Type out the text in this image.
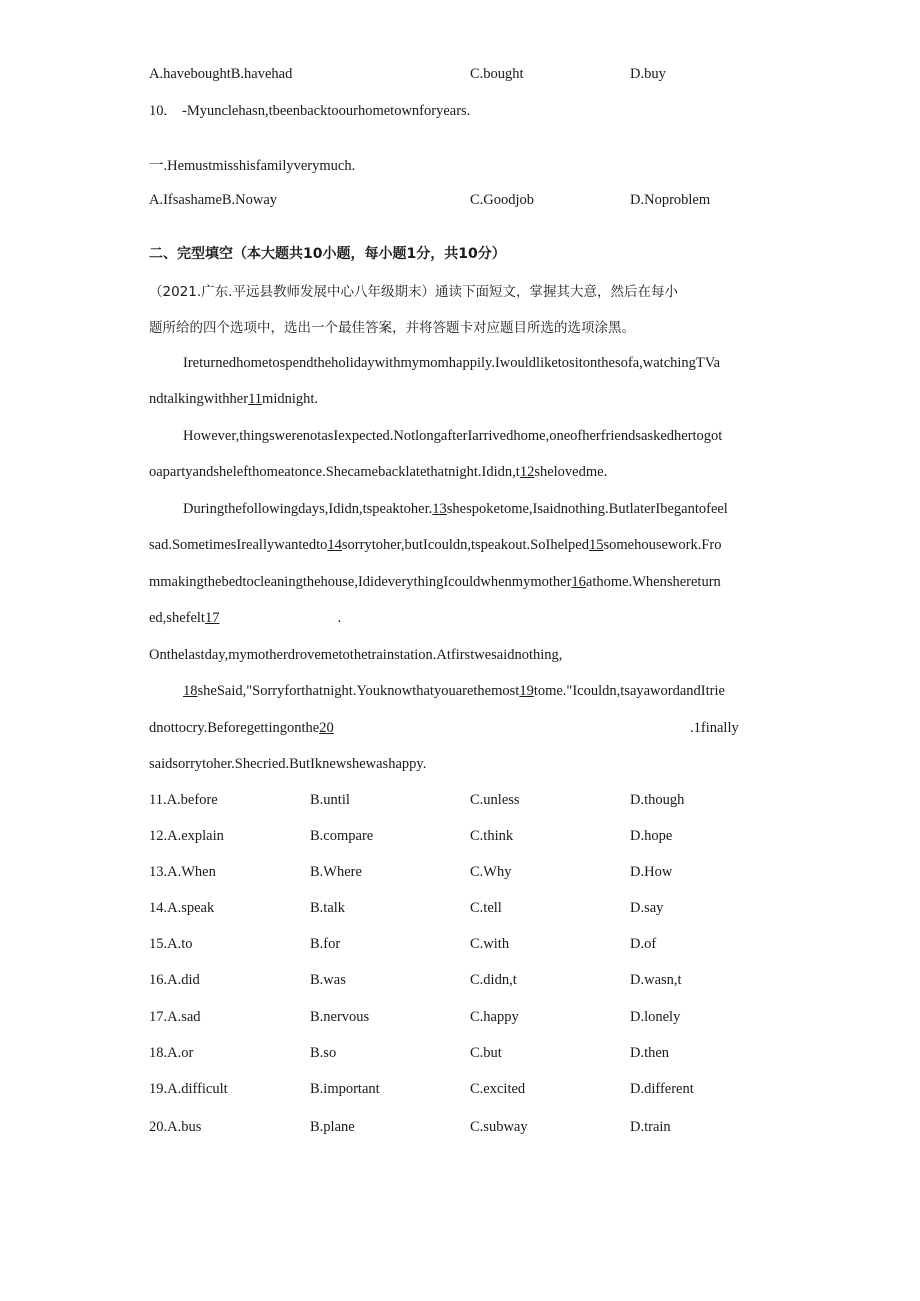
A.haveboughtB.havehad	C.bought	D.buy
10. -Myunclehasn,tbeenbacktoourhometownforyears.
一.Hemustmisshisfamilyverymuch.
A.IfsashameB.Noway	C.Goodjob	D.Noproblem
二、完型填空（本大题共10小题，每小题1分，共10分）
（2021.广东.平远县教师发展中心八年级期末）通读下面短文，掌握其大意，然后在每小
题所给的四个选项中，选出一个最佳答案，并将答题卡对应题目所选的选项涂黑。
Ireturnedhometospendtheholidaywithmymomhappily.Iwouldliketositonthesofa,watchingTVa
ndtalkingwithher11midnight.
However,thingswerenotasIexpected.NotlongafterIarrivedhome,oneofherfriendsaskedhertogot
oapartyandshelefthomeatonce.Shecamebacklatethatnight.Ididn,t12shelovedme.
Duringthefollowingdays,Ididn,tspeaktoher.13shespoketome,Isaidnothing.ButlaterIbegantofeel
sad.SometimesIreallywantedto14sorrytoher,butIcouldn,tspeakout.SoIhelped15somehousework.Fro
mmakingthebedtocleaningthehouse,IdideverythingIcouldwhenmymother16athome.Whenshereturn
ed,shefelt17	.
Onthelastday,mymotherdrovemetothetrainstation.Atfirstwesaidnothing,
18sheSaid,"Sorryforthatnight.Youknowthatyouarethemost19tome."Icouldn,tsayawordandItrie
dnottocry.Beforegettingonthe20	.1finally
saidsorrytoher.Shecried.ButIknewshewashappy.
11.A.before	B.until	C.unless	D.though
12.A.explain	B.compare	C.think	D.hope
13.A.When	B.Where	C.Why	D.How
14.A.speak	B.talk	C.tell	D.say
15.A.to	B.for	C.with	D.of
16.A.did	B.was	C.didn,t	D.wasn,t
17.A.sad	B.nervous	C.happy	D.lonely
18.A.or	B.so	C.but	D.then
19.A.difficult	B.important	C.excited	D.different
20.A.bus	B.plane	C.subway	D.train
